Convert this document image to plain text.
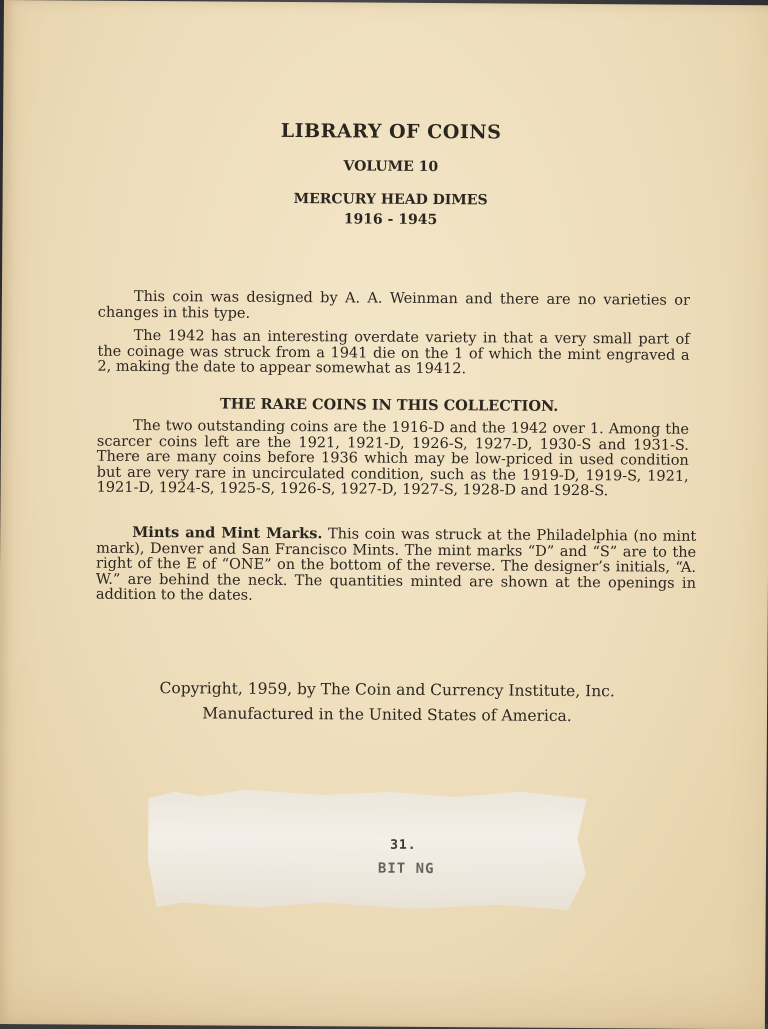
LIBRARY OF COINS
VOLUME 10
MERCURY HEAD DIMES
1916 - 1945
This coin was designed by A. A. Weinman and there are no varieties or changes in this type.
The 1942 has an interesting overdate variety in that a very small part of the coinage was struck from a 1941 die on the 1 of which the mint engraved a 2, making the date to appear somewhat as 19412.
THE RARE COINS IN THIS COLLECTION.
The two outstanding coins are the 1916-D and the 1942 over 1. Among the scarcer coins left are the 1921, 1921-D, 1926-S, 1927-D, 1930-S and 1931-S. There are many coins before 1936 which may be low-priced in used condition but are very rare in uncirculated condition, such as the 1919-D, 1919-S, 1921, 1921-D, 1924-S, 1925-S, 1926-S, 1927-D, 1927-S, 1928-D and 1928-S.
Mints and Mint Marks. This coin was struck at the Philadelphia (no mint mark), Denver and San Francisco Mints. The mint marks “D” and “S” are to the right of the E of “ONE” on the bottom of the reverse. The designer’s initials, “A. W.” are behind the neck. The quantities minted are shown at the openings in addition to the dates.
Copyright, 1959, by The Coin and Currency Institute, Inc.
Manufactured in the United States of America.
31.
BIT NG
